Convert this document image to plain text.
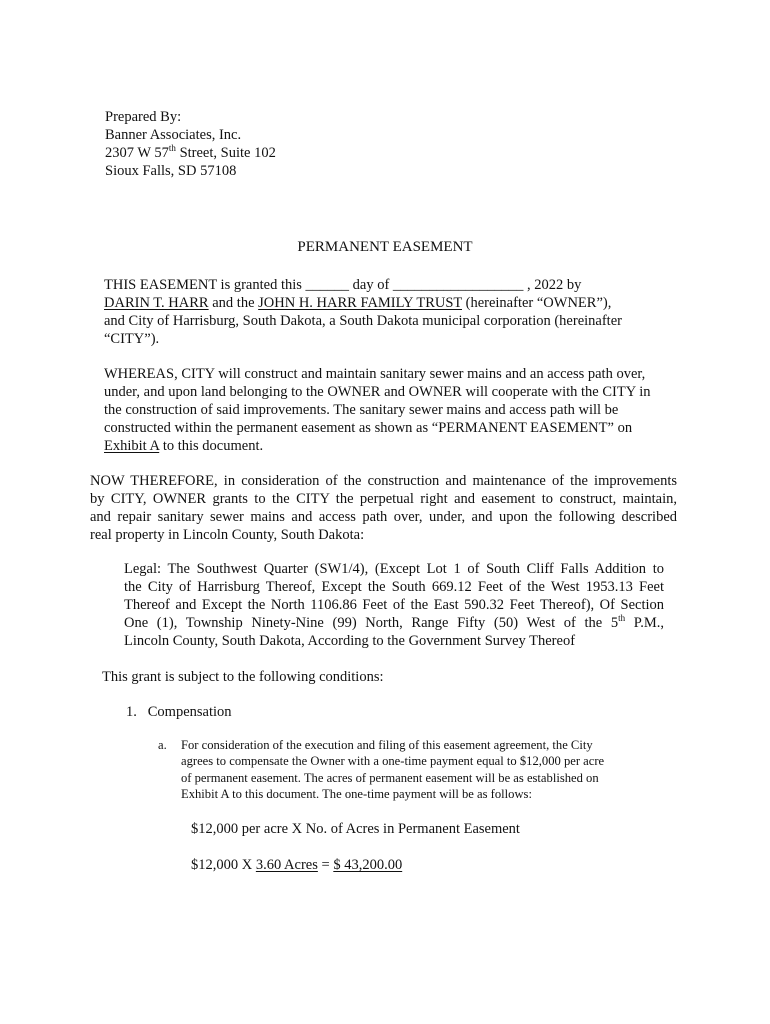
Prepared By:
Banner Associates, Inc.
2307 W 57th Street, Suite 102
Sioux Falls, SD 57108
PERMANENT EASEMENT
THIS EASEMENT is granted this ______ day of __________________ , 2022 by
DARIN T. HARR and the JOHN H. HARR FAMILY TRUST (hereinafter “OWNER”),
and City of Harrisburg, South Dakota, a South Dakota municipal corporation (hereinafter
“CITY”).
WHEREAS, CITY will construct and maintain sanitary sewer mains and an access path over,
under, and upon land belonging to the OWNER and OWNER will cooperate with the CITY in
the construction of said improvements. The sanitary sewer mains and access path will be
constructed within the permanent easement as shown as “PERMANENT EASEMENT” on
Exhibit A to this document.
NOW THEREFORE, in consideration of the construction and maintenance of the improvements
by CITY, OWNER grants to the CITY the perpetual right and easement to construct, maintain,
and repair sanitary sewer mains and access path over, under, and upon the following described
real property in Lincoln County, South Dakota:
Legal: The Southwest Quarter (SW1/4), (Except Lot 1 of South Cliff Falls Addition to
the City of Harrisburg Thereof, Except the South 669.12 Feet of the West 1953.13 Feet
Thereof and Except the North 1106.86 Feet of the East 590.32 Feet Thereof), Of Section
One (1), Township Ninety-Nine (99) North, Range Fifty (50) West of the 5th P.M.,
Lincoln County, South Dakota, According to the Government Survey Thereof
This grant is subject to the following conditions:
1. Compensation
a. For consideration of the execution and filing of this easement agreement, the City
agrees to compensate the Owner with a one-time payment equal to $12,000 per acre
of permanent easement. The acres of permanent easement will be as established on
Exhibit A to this document. The one-time payment will be as follows:
$12,000 per acre X No. of Acres in Permanent Easement
$12,000 X 3.60 Acres = $ 43,200.00
